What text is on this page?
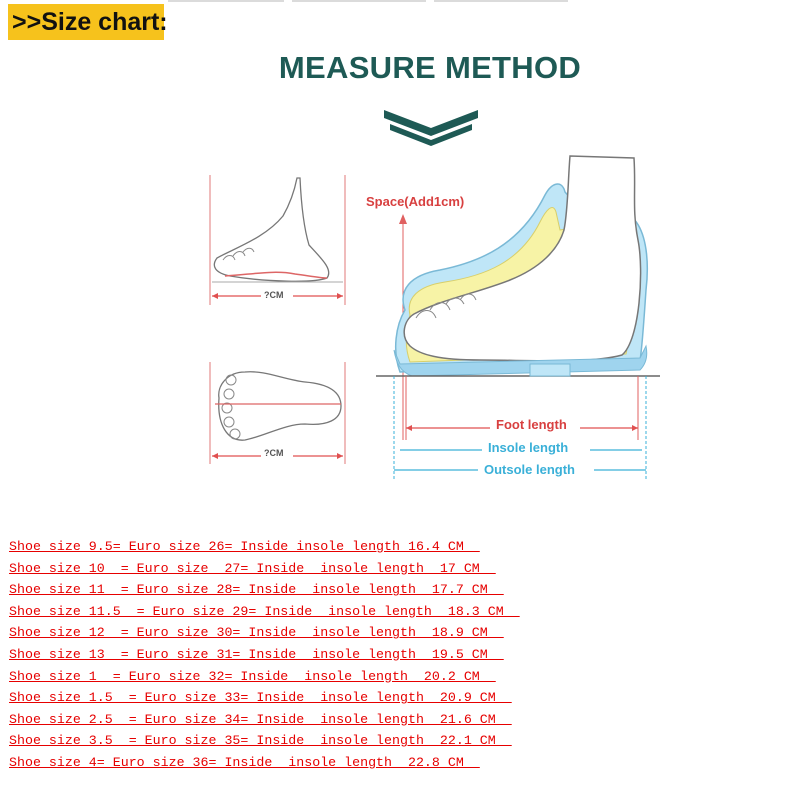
>>Size chart:
MEASURE METHOD
?CM
?CM
Space(Add1cm)
Foot length
Insole length
Outsole length
Shoe size 9.5= Euro size 26= Inside insole length 16.4 CM
Shoe size 10  = Euro size  27= Inside  insole length  17 CM
Shoe size 11  = Euro size 28= Inside  insole length  17.7 CM
Shoe size 11.5  = Euro size 29= Inside  insole length  18.3 CM
Shoe size 12  = Euro size 30= Inside  insole length  18.9 CM
Shoe size 13  = Euro size 31= Inside  insole length  19.5 CM
Shoe size 1  = Euro size 32= Inside  insole length  20.2 CM
Shoe size 1.5  = Euro size 33= Inside  insole length  20.9 CM
Shoe size 2.5  = Euro size 34= Inside  insole length  21.6 CM
Shoe size 3.5  = Euro size 35= Inside  insole length  22.1 CM
Shoe size 4= Euro size 36= Inside  insole length  22.8 CM
